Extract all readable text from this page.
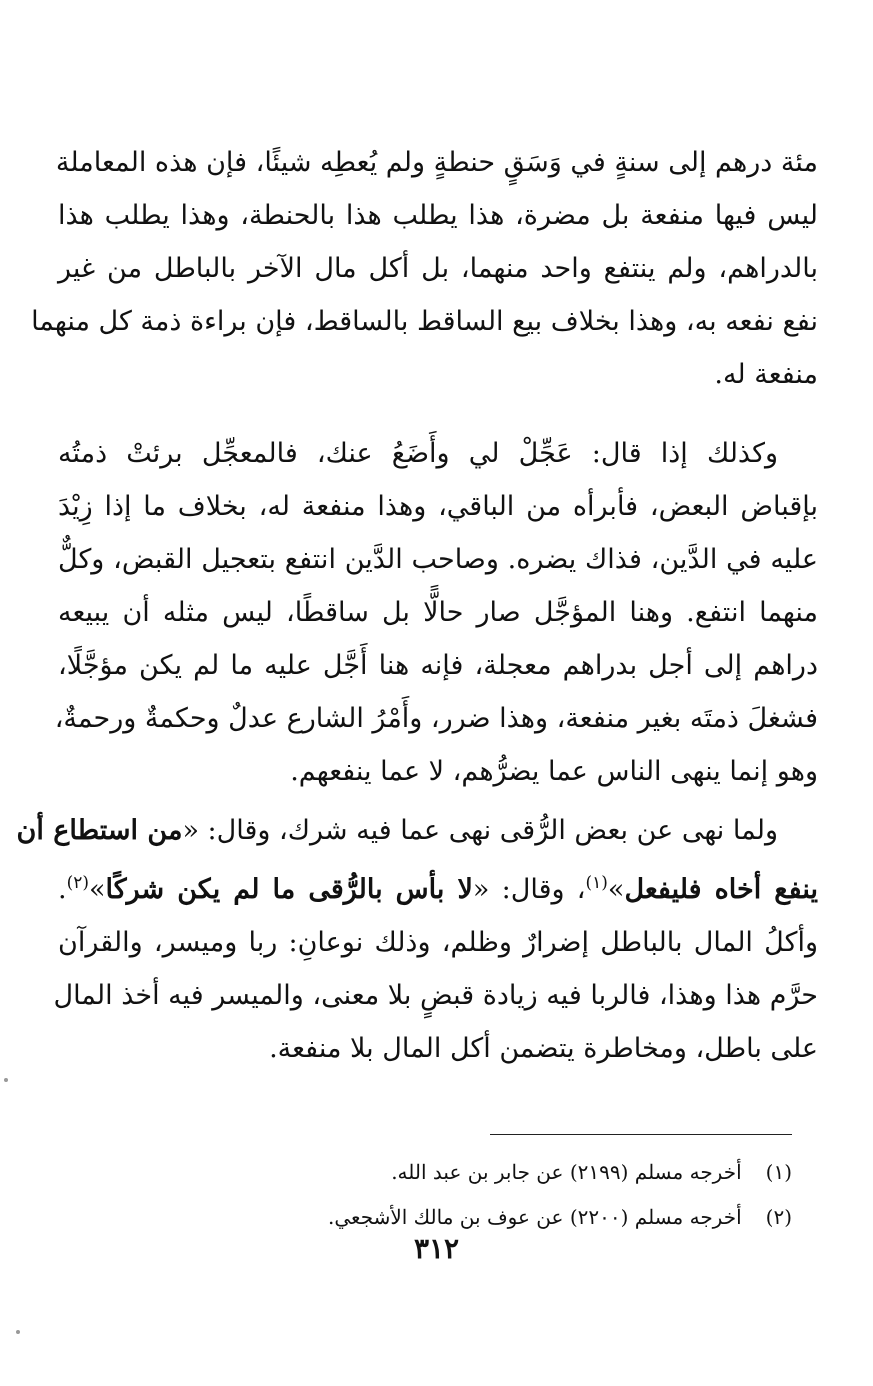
مئة درهم إلى سنةٍ في وَسَقٍ حنطةٍ ولم يُعطِه شيئًا، فإن هذه المعاملة
ليس فيها منفعة بل مضرة، هذا يطلب هذا بالحنطة، وهذا يطلب هذا
بالدراهم، ولم ينتفع واحد منهما، بل أكل مال الآخر بالباطل من غير
نفع نفعه به، وهذا بخلاف بيع الساقط بالساقط، فإن براءة ذمة كل منهما
منفعة له.
وكذلك إذا قال: عَجِّلْ لي وأَضَعُ عنك، فالمعجِّل برئتْ ذمتُه
بإقباض البعض، فأبرأه من الباقي، وهذا منفعة له، بخلاف ما إذا زِيْدَ
عليه في الدَّين، فذاك يضره. وصاحب الدَّين انتفع بتعجيل القبض، وكلٌّ
منهما انتفع. وهنا المؤجَّل صار حالًّا بل ساقطًا، ليس مثله أن يبيعه
دراهم إلى أجل بدراهم معجلة، فإنه هنا أَجَّل عليه ما لم يكن مؤجَّلًا،
فشغلَ ذمتَه بغير منفعة، وهذا ضرر، وأَمْرُ الشارع عدلٌ وحكمةٌ ورحمةٌ،
وهو إنما ينهى الناس عما يضرُّهم، لا عما ينفعهم.
ولما نهى عن بعض الرُّقى نهى عما فيه شرك، وقال: «من استطاع أن
ينفع أخاه فليفعل»$^{(١)}$، وقال: «لا بأس بالرُّقى ما لم يكن شركًا»$^{(٢)}$.
وأكلُ المال بالباطل إضرارٌ وظلم، وذلك نوعانِ: ربا وميسر، والقرآن
حرَّم هذا وهذا، فالربا فيه زيادة قبضٍ بلا معنى، والميسر فيه أخذ المال
على باطل، ومخاطرة يتضمن أكل المال بلا منفعة.
(١) أخرجه مسلم (٢١٩٩) عن جابر بن عبد الله.
(٢) أخرجه مسلم (٢٢٠٠) عن عوف بن مالك الأشجعي.
٣١٢
